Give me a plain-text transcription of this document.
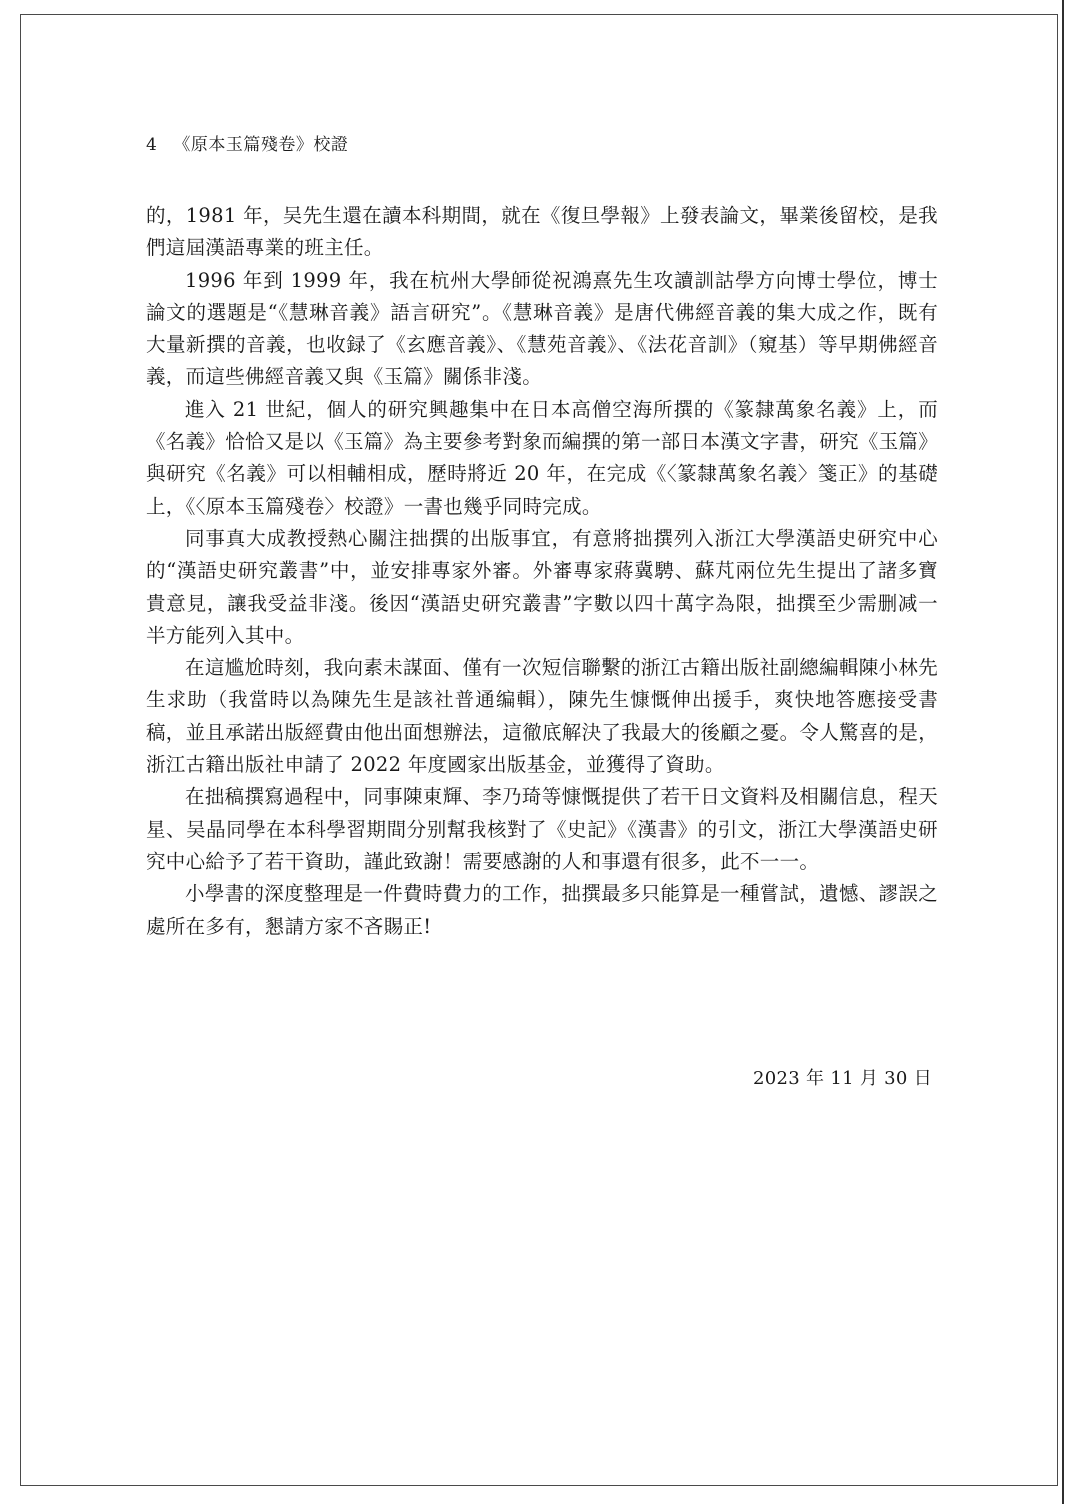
4 《原本玉篇殘卷》校證

的，1981 年，吴先生還在讀本科期間，就在《復旦學報》上發表論文，畢業後留校，是我們這屆漢語專業的班主任。

1996 年到 1999 年，我在杭州大學師從祝鴻熹先生攻讀訓詁學方向博士學位，博士論文的選題是“《慧琳音義》語言研究”。《慧琳音義》是唐代佛經音義的集大成之作，既有大量新撰的音義，也收録了《玄應音義》、《慧苑音義》、《法花音訓》（窺基）等早期佛經音義，而這些佛經音義又與《玉篇》關係非淺。

進入 21 世紀，個人的研究興趣集中在日本高僧空海所撰的《篆隸萬象名義》上，而《名義》恰恰又是以《玉篇》為主要參考對象而編撰的第一部日本漢文字書，研究《玉篇》與研究《名義》可以相輔相成，歷時將近 20 年，在完成《〈篆隸萬象名義〉箋正》的基礎上，《〈原本玉篇殘卷〉校證》一書也幾乎同時完成。

同事真大成教授熱心關注拙撰的出版事宜，有意將拙撰列入浙江大學漢語史研究中心的“漢語史研究叢書”中，並安排專家外審。外審專家蔣冀騁、蘇芃兩位先生提出了諸多寶貴意見，讓我受益非淺。後因“漢語史研究叢書”字數以四十萬字為限，拙撰至少需删减一半方能列入其中。

在這尴尬時刻，我向素未謀面、僅有一次短信聯繫的浙江古籍出版社副總編輯陳小林先生求助（我當時以為陳先生是該社普通编輯），陳先生慷慨伸出援手，爽快地答應接受書稿，並且承諾出版經費由他出面想辦法，這徹底解決了我最大的後顧之憂。令人驚喜的是，浙江古籍出版社申請了 2022 年度國家出版基金，並獲得了資助。

在拙稿撰寫過程中，同事陳東輝、李乃琦等慷慨提供了若干日文資料及相關信息，程天星、吴晶同學在本科學習期間分别幫我核對了《史記》《漢書》的引文，浙江大學漢語史研究中心給予了若干資助，謹此致謝！需要感謝的人和事還有很多，此不一一。

小學書的深度整理是一件費時費力的工作，拙撰最多只能算是一種嘗試，遺憾、謬誤之處所在多有，懇請方家不吝賜正!

2023 年 11 月 30 日
